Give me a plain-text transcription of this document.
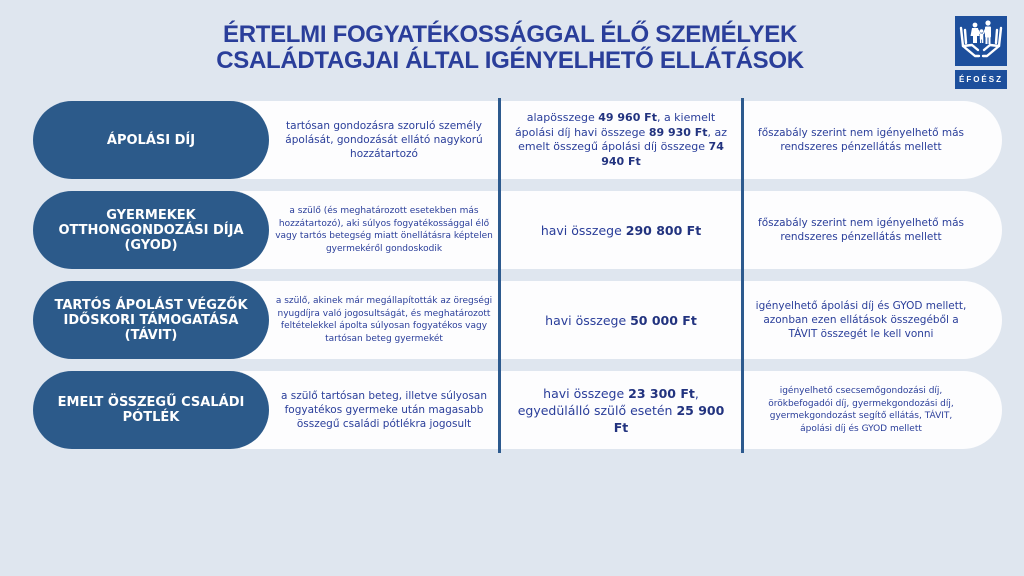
ÉRTELMI FOGYATÉKOSSÁGGAL ÉLŐ SZEMÉLYEK
CSALÁDTAGJAI ÁLTAL IGÉNYELHETŐ ELLÁTÁSOK
ÉFOÉSZ
ÁPOLÁSI DÍJ
tartósan gondozásra szoruló személy ápolását, gondozását ellátó nagykorú hozzátartozó
alapösszege 49 960 Ft, a kiemelt ápolási díj havi összege 89 930 Ft, az emelt összegű ápolási díj összege 74 940 Ft
főszabály szerint nem igényelhető más rendszeres pénzellátás mellett
GYERMEKEK OTTHONGONDOZÁSI DÍJA (GYOD)
a szülő (és meghatározott esetekben más hozzátartozó), aki súlyos fogyatékossággal élő vagy tartós betegség miatt önellátásra képtelen gyermekéről gondoskodik
havi összege 290 800 Ft	főszabály szerint nem igényelhető más rendszeres pénzellátás mellett
TARTÓS ÁPOLÁST VÉGZŐK IDŐSKORI TÁMOGATÁSA (TÁVIT)
a szülő, akinek már megállapították az öregségi nyugdíjra való jogosultságát, és meghatározott feltételekkel ápolta súlyosan fogyatékos vagy tartósan beteg gyermekét
havi összege 50 000 Ft
igényelhető ápolási díj és GYOD mellett, azonban ezen ellátások összegéből a TÁVIT összegét le kell vonni
EMELT ÖSSZEGŰ CSALÁDI PÓTLÉK
a szülő tartósan beteg, illetve súlyosan fogyatékos gyermeke után magasabb összegű családi pótlékra jogosult
havi összege 23 300 Ft, egyedülálló szülő esetén 25 900 Ft
igényelhető csecsemőgondozási díj, örökbefogadói díj, gyermekgondozási díj, gyermekgondozást segítő ellátás, TÁVIT, ápolási díj és GYOD mellett
